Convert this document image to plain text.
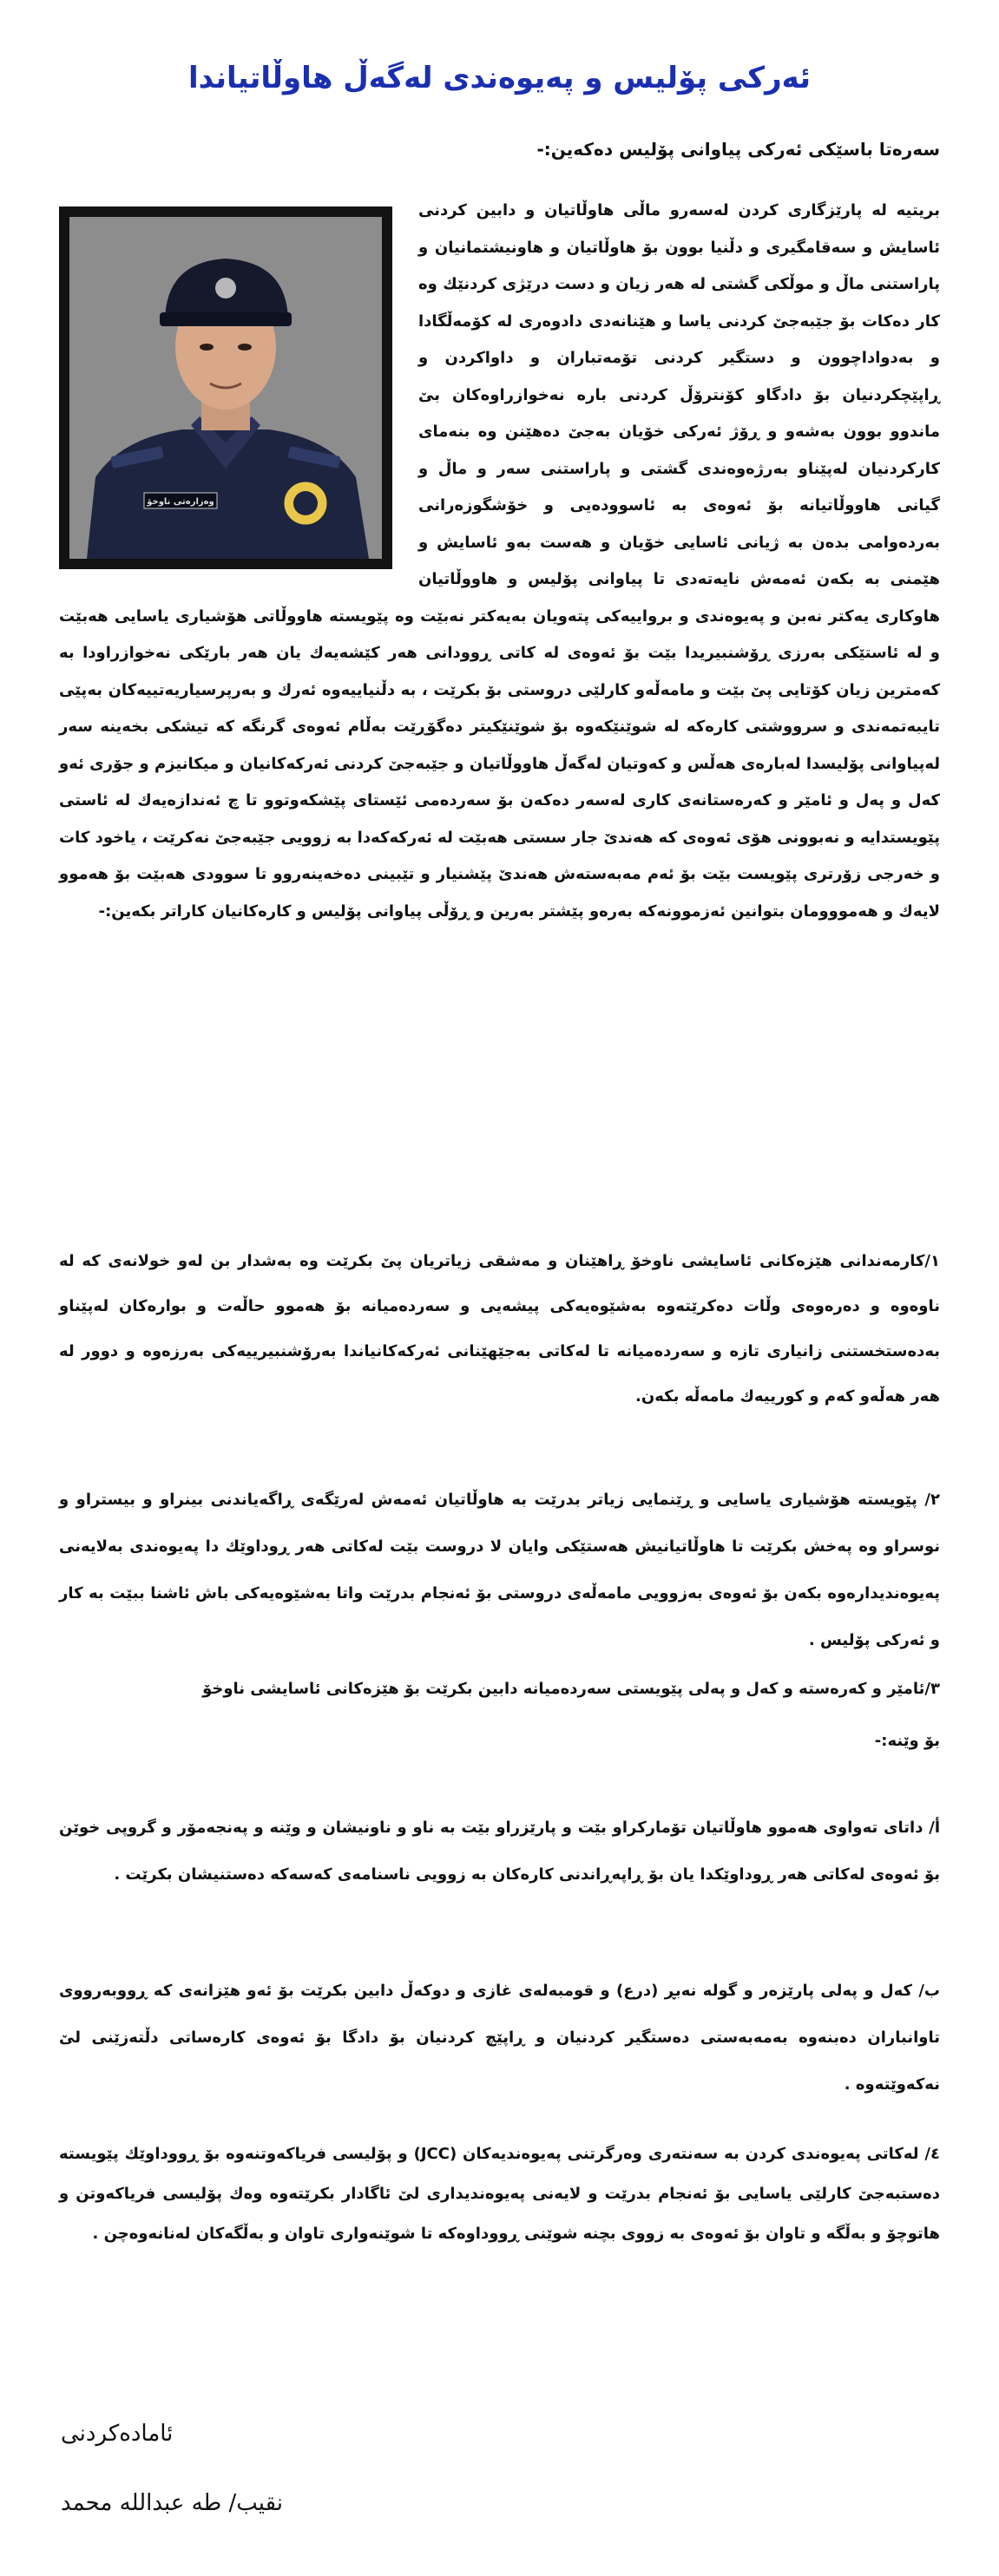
ئەرکی پۆلیس و پەیوەندی لەگەڵ هاوڵاتیاندا
سەرەتا باسێکی ئەرکی پیاوانی پۆلیس دەکەین:-
وەزارەتی ناوخۆ
بریتیە لە پارێزگاری کردن لەسەرو ماڵی هاوڵاتیان و دابین کردنی ئاسایش و سەقامگیری و دڵنیا بوون بۆ هاوڵاتیان و هاونیشتمانیان و پاراستنی ماڵ و موڵکی گشتی لە هەر زیان و دست درێژی کردنێك وە کار دەکات بۆ جێبەجێ کردنی یاسا و هێنانەدی دادوەری لە کۆمەڵگادا و بەدواداچوون و دستگیر کردنی تۆمەتباران و داواکردن و ڕاپێچکردنیان بۆ دادگاو کۆنترۆڵ کردنی بارە نەخوازراوەکان بێ ماندوو بوون بەشەو و ڕۆژ ئەرکی خۆیان بەجێ دەهێنن وە بنەمای کارکردنیان لەپێناو بەرژەوەندی گشتی و پاراستنی سەر و ماڵ و گیانی هاووڵاتیانە بۆ ئەوەی بە ئاسوودەیی و خۆشگوزەرانی بەردەوامی بدەن بە ژیانی ئاسایی خۆیان و هەست بەو ئاسایش و هێمنی بە بکەن ئەمەش نایەتەدی تا پیاوانی پۆلیس و هاووڵاتیان هاوکاری یەکتر نەبن و پەیوەندی و برواییەکی پتەویان بەیەکتر نەبێت وە پێویستە هاووڵاتی هۆشیاری یاسایی هەبێت و لە ئاستێکی بەرزی ڕۆشنبیریدا بێت بۆ ئەوەی لە کاتی ڕوودانی هەر کێشەیەك یان هەر بارێکی نەخوازراودا بە کەمترین زیان کۆتایی پێ بێت و مامەڵەو کارلێی دروستی بۆ بکرێت ، بە دڵنیاییەوە ئەرك و بەرپرسیاریەتییەکان بەپێی تایبەتمەندی و سرووشتی کارەکە لە شوێنێکەوە بۆ شوێنێکیتر دەگۆڕێت بەڵام ئەوەی گرنگە کە تیشکی بخەینە سەر لەپیاوانی پۆلیسدا لەبارەی هەڵس و کەوتیان لەگەڵ هاووڵاتیان و جێبەجێ کردنی ئەرکەکانیان و میکانیزم و جۆری ئەو کەل و پەل و ئامێر و کەرەستانەی کاری لەسەر دەکەن بۆ سەردەمی ئێستای پێشکەوتوو تا چ ئەندازەیەك لە ئاستی پێویستدایە و نەبوونی هۆی ئەوەی کە هەندێ جار سستی هەبێت لە ئەرکەکەدا بە زوویی جێبەجێ نەکرێت ، یاخود کات و خەرجی زۆرتری پێویست بێت بۆ ئەم مەبەستەش هەندێ پێشنیار و تێبینی دەخەینەروو تا سوودی هەبێت بۆ هەموو لایەك و هەمووومان بتوانین ئەزموونەکە بەرەو پێشتر بەرین و ڕۆڵی پیاوانی پۆلیس و کارەکانیان کاراتر بکەین:-
١/کارمەندانی هێزەکانی ئاسایشی ناوخۆ ڕاهێنان و مەشقی زیاتریان پێ بکرێت وە بەشدار بن لەو خولانەی کە لە ناوەوە و دەرەوەی وڵات دەکرێتەوە بەشێوەیەکی پیشەیی و سەردەمیانە بۆ هەموو حاڵەت و بوارەکان لەپێناو بەدەستخستنی زانیاری تازە و سەردەمیانە تا لەکاتی بەجێهێنانی ئەرکەکانیاندا بەرۆشنبیرییەکی بەرزەوە و دوور لە هەر هەڵەو کەم و کورییەك مامەڵە بکەن.
٢/ پێویستە هۆشیاری یاسایی و ڕێنمایی زیاتر بدرێت بە هاوڵاتیان ئەمەش لەرێگەی ڕاگەیاندنی بینراو و بیستراو و نوسراو وە پەخش بکرێت تا هاوڵاتیانیش هەستێکی وایان لا دروست بێت لەکاتی هەر ڕوداوێك دا پەیوەندی بەلایەنی پەیوەندیدارەوە بکەن بۆ ئەوەی بەزوویی مامەڵەی دروستی بۆ ئەنجام بدرێت واتا بەشێوەیەکی باش ئاشنا ببێت بە کار و ئەرکی پۆلیس .
٣/ئامێر و کەرەستە و کەل و پەلی پێویستی سەردەمیانە دابین بکرێت بۆ هێزەکانی ئاسایشی ناوخۆ
بۆ وێنە:-
أ/ داتای تەواوی هەموو هاوڵاتیان تۆمارکراو بێت و پارێزراو بێت بە ناو و ناونیشان و وێنە و پەنجەمۆر و گروپی خوێن بۆ ئەوەی لەکاتی هەر ڕوداوێکدا یان بۆ ڕاپەڕاندنی کارەکان بە زوویی ناسنامەی کەسەکە دەستنیشان بکرێت .
ب/ کەل و پەلی پارێزەر و گولە نەبڕ (درع) و قومبەلەی غازی و دوکەڵ دابین بکرێت بۆ ئەو هێزانەی کە ڕووبەرووی تاوانباران دەبنەوە بەمەبەستی دەستگیر کردنیان و ڕاپێچ کردنیان بۆ دادگا بۆ ئەوەی کارەساتی دڵتەزێنی لێ نەکەوێتەوە .
٤/ لەکاتی پەیوەندی کردن بە سەنتەری وەرگرتنی پەیوەندیەکان (JCC) و پۆلیسی فریاکەوتنەوە بۆ ڕووداوێك پێویستە دەستبەجێ کارلێی یاسایی بۆ ئەنجام بدرێت و لایەنی پەیوەندیداری لێ ئاگادار بکرێتەوە وەك پۆلیسی فریاکەوتن و هاتوچۆ و بەڵگە و تاوان بۆ ئەوەی بە زووی بچنە شوێنی ڕووداوەکە تا شوێنەواری تاوان و بەڵگەکان لەنانەوەچن .
ئامادەکردنی
نقیب/ طه عبدالله محمد
